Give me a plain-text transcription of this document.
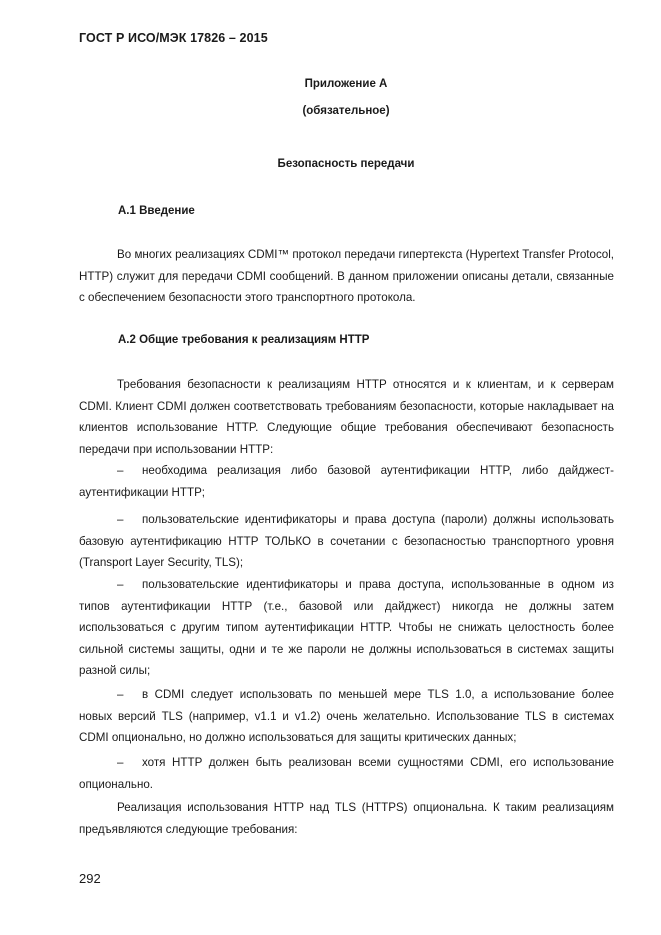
ГОСТ Р ИСО/МЭК 17826 – 2015
Приложение А
(обязательное)
Безопасность передачи
А.1 Введение
Во многих реализациях CDMI™ протокол передачи гипертекста (Hypertext Transfer Protocol, HTTP) служит для передачи CDMI сообщений. В данном приложении описаны детали, связанные с обеспечением безопасности этого транспортного протокола.
А.2 Общие требования к реализациям HTTP
Требования безопасности к реализациям HTTP относятся и к клиентам, и к серверам CDMI. Клиент CDMI должен соответствовать требованиям безопасности, которые накладывает на клиентов использование HTTP. Следующие общие требования обеспечивают безопасность передачи при использовании HTTP:
– необходима реализация либо базовой аутентификации HTTP, либо дайджест-аутентификации HTTP;
– пользовательские идентификаторы и права доступа (пароли) должны использовать базовую аутентификацию HTTP ТОЛЬКО в сочетании с безопасностью транспортного уровня (Transport Layer Security, TLS);
– пользовательские идентификаторы и права доступа, использованные в одном из типов аутентификации HTTP (т.е., базовой или дайджест) никогда не должны затем использоваться с другим типом аутентификации HTTP. Чтобы не снижать целостность более сильной системы защиты, одни и те же пароли не должны использоваться в системах защиты разной силы;
– в CDMI следует использовать по меньшей мере TLS 1.0, а использование более новых версий TLS (например, v1.1 и v1.2) очень желательно. Использование TLS в системах CDMI опционально, но должно использоваться для защиты критических данных;
– хотя HTTP должен быть реализован всеми сущностями CDMI, его использование опционально.
Реализация использования HTTP над TLS (HTTPS) опциональна. К таким реализациям предъявляются следующие требования:
292
